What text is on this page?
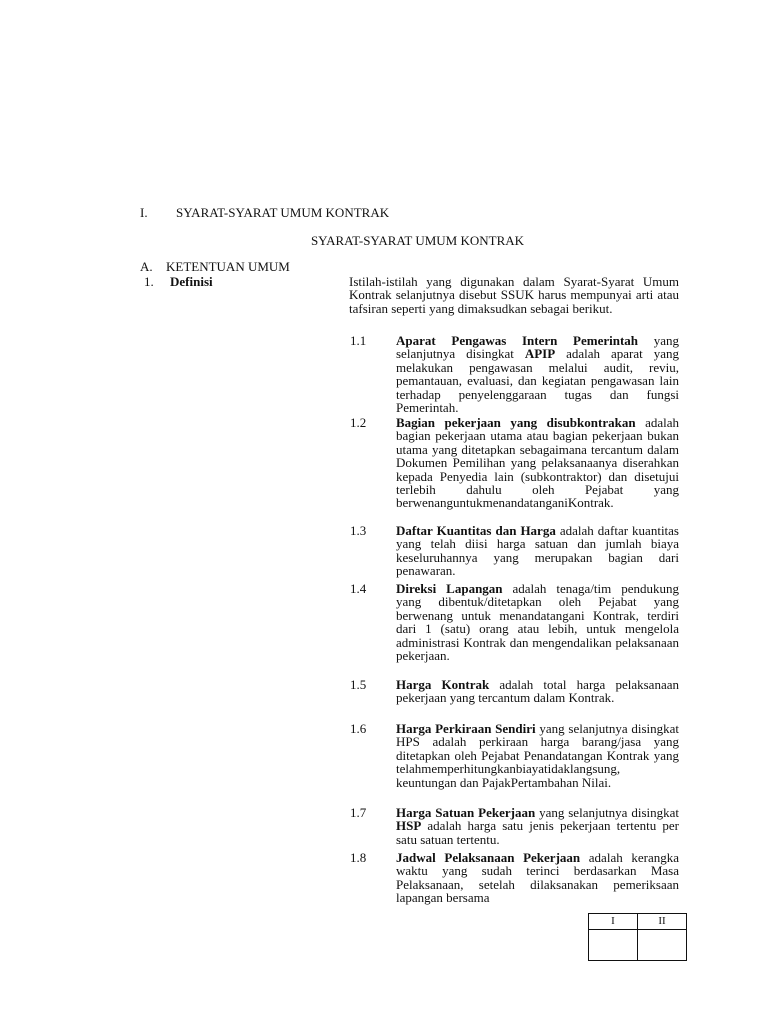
I. SYARAT-SYARAT UMUM KONTRAK
SYARAT-SYARAT UMUM KONTRAK
A. KETENTUAN UMUM
1. Definisi	Istilah-istilah yang digunakan dalam Syarat-Syarat Umum Kontrak selanjutnya disebut SSUK harus mempunyai arti atau tafsiran seperti yang dimaksudkan sebagai berikut.
1.1 Aparat Pengawas Intern Pemerintah yang selanjutnya disingkat APIP adalah aparat yang melakukan pengawasan melalui audit, reviu, pemantauan, evaluasi, dan kegiatan pengawasan lain terhadap penyelenggaraan tugas dan fungsi Pemerintah.
1.2 Bagian pekerjaan yang disubkontrakan adalah bagian pekerjaan utama atau bagian pekerjaan bukan utama yang ditetapkan sebagaimana tercantum dalam Dokumen Pemilihan yang pelaksanaanya diserahkan kepada Penyedia lain (subkontraktor) dan disetujui terlebih dahulu oleh Pejabat yang berwenanguntukmenandatanganiKontrak.
1.3 Daftar Kuantitas dan Harga adalah daftar kuantitas yang telah diisi harga satuan dan jumlah biaya keseluruhannya yang merupakan bagian dari penawaran.
1.4 Direksi Lapangan adalah tenaga/tim pendukung yang dibentuk/ditetapkan oleh Pejabat yang berwenang untuk menandatangani Kontrak, terdiri dari 1 (satu) orang atau lebih, untuk mengelola administrasi Kontrak dan mengendalikan pelaksanaan pekerjaan.
1.5 Harga Kontrak adalah total harga pelaksanaan pekerjaan yang tercantum dalam Kontrak.
1.6 Harga Perkiraan Sendiri yang selanjutnya disingkat HPS adalah perkiraan harga barang/jasa yang ditetapkan oleh Pejabat Penandatangan Kontrak yang telahmemperhitungkanbiayatidaklangsung, keuntungan dan PajakPertambahan Nilai.
1.7 Harga Satuan Pekerjaan yang selanjutnya disingkat HSP adalah harga satu jenis pekerjaan tertentu per satu satuan tertentu.
1.8 Jadwal Pelaksanaan Pekerjaan adalah kerangka waktu yang sudah terinci berdasarkan Masa Pelaksanaan, setelah dilaksanakan pemeriksaan lapangan bersama
I	II
